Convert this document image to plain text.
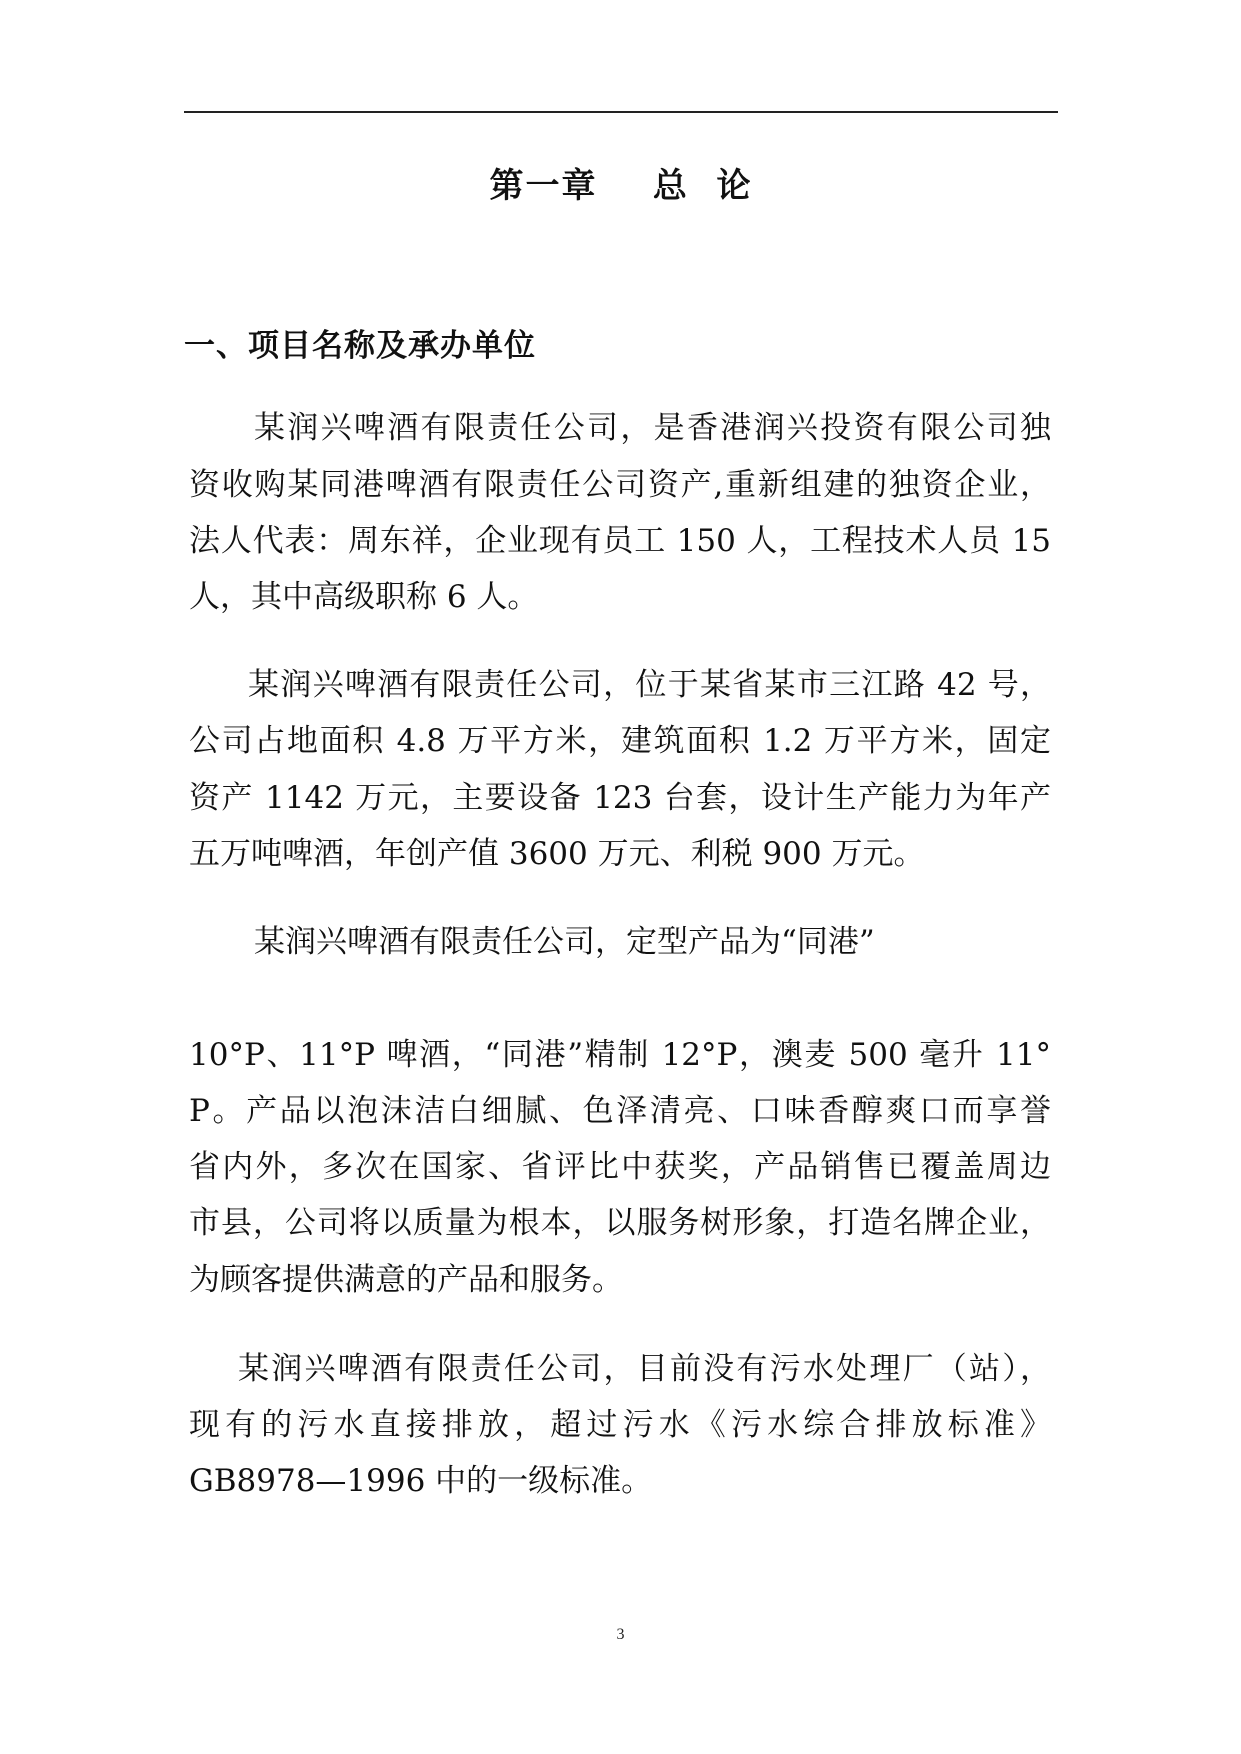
第一章    总  论
一、项目名称及承办单位
某润兴啤酒有限责任公司，是香港润兴投资有限公司独
资收购某同港啤酒有限责任公司资产,重新组建的独资企业，
法人代表：周东祥，企业现有员工 150 人，工程技术人员 15
人，其中高级职称 6 人。
某润兴啤酒有限责任公司，位于某省某市三江路 42 号，
公司占地面积 4.8 万平方米，建筑面积 1.2 万平方米，固定
资产 1142 万元，主要设备 123 台套，设计生产能力为年产
五万吨啤酒，年创产值 3600 万元、利税 900 万元。
某润兴啤酒有限责任公司，定型产品为“同港”
10°P、11°P 啤酒，“同港”精制 12°P，澳麦 500 毫升 11°
P。产品以泡沫洁白细腻、色泽清亮、口味香醇爽口而享誉
省内外，多次在国家、省评比中获奖，产品销售已覆盖周边
市县，公司将以质量为根本，以服务树形象，打造名牌企业，
为顾客提供满意的产品和服务。
某润兴啤酒有限责任公司，目前没有污水处理厂（站），
现有的污水直接排放，超过污水《污水综合排放标准》
GB8978—1996 中的一级标准。
3
